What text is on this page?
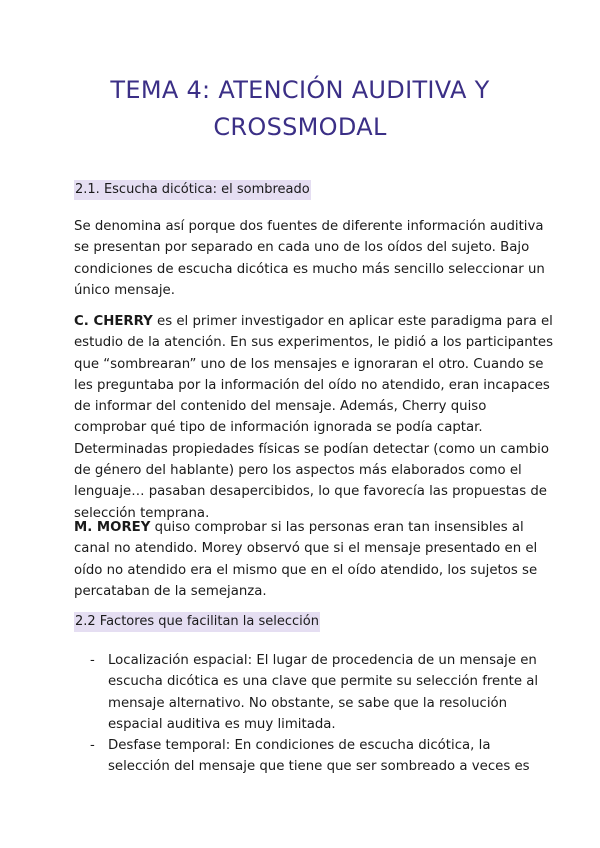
TEMA 4: ATENCIÓN AUDITIVA Y
CROSSMODAL
2.1. Escucha dicótica: el sombreado
Se denomina así porque dos fuentes de diferente información auditiva
se presentan por separado en cada uno de los oídos del sujeto. Bajo
condiciones de escucha dicótica es mucho más sencillo seleccionar un
único mensaje.
C. CHERRY es el primer investigador en aplicar este paradigma para el
estudio de la atención. En sus experimentos, le pidió a los participantes
que “sombrearan” uno de los mensajes e ignoraran el otro. Cuando se
les preguntaba por la información del oído no atendido, eran incapaces
de informar del contenido del mensaje. Además, Cherry quiso
comprobar qué tipo de información ignorada se podía captar.
Determinadas propiedades físicas se podían detectar (como un cambio
de género del hablante) pero los aspectos más elaborados como el
lenguaje… pasaban desapercibidos, lo que favorecía las propuestas de
selección temprana.
M. MOREY quiso comprobar si las personas eran tan insensibles al
canal no atendido. Morey observó que si el mensaje presentado en el
oído no atendido era el mismo que en el oído atendido, los sujetos se
percataban de la semejanza.
2.2 Factores que facilitan la selección
- Localización espacial: El lugar de procedencia de un mensaje en
escucha dicótica es una clave que permite su selección frente al
mensaje alternativo. No obstante, se sabe que la resolución
espacial auditiva es muy limitada.
- Desfase temporal: En condiciones de escucha dicótica, la
selección del mensaje que tiene que ser sombreado a veces es
